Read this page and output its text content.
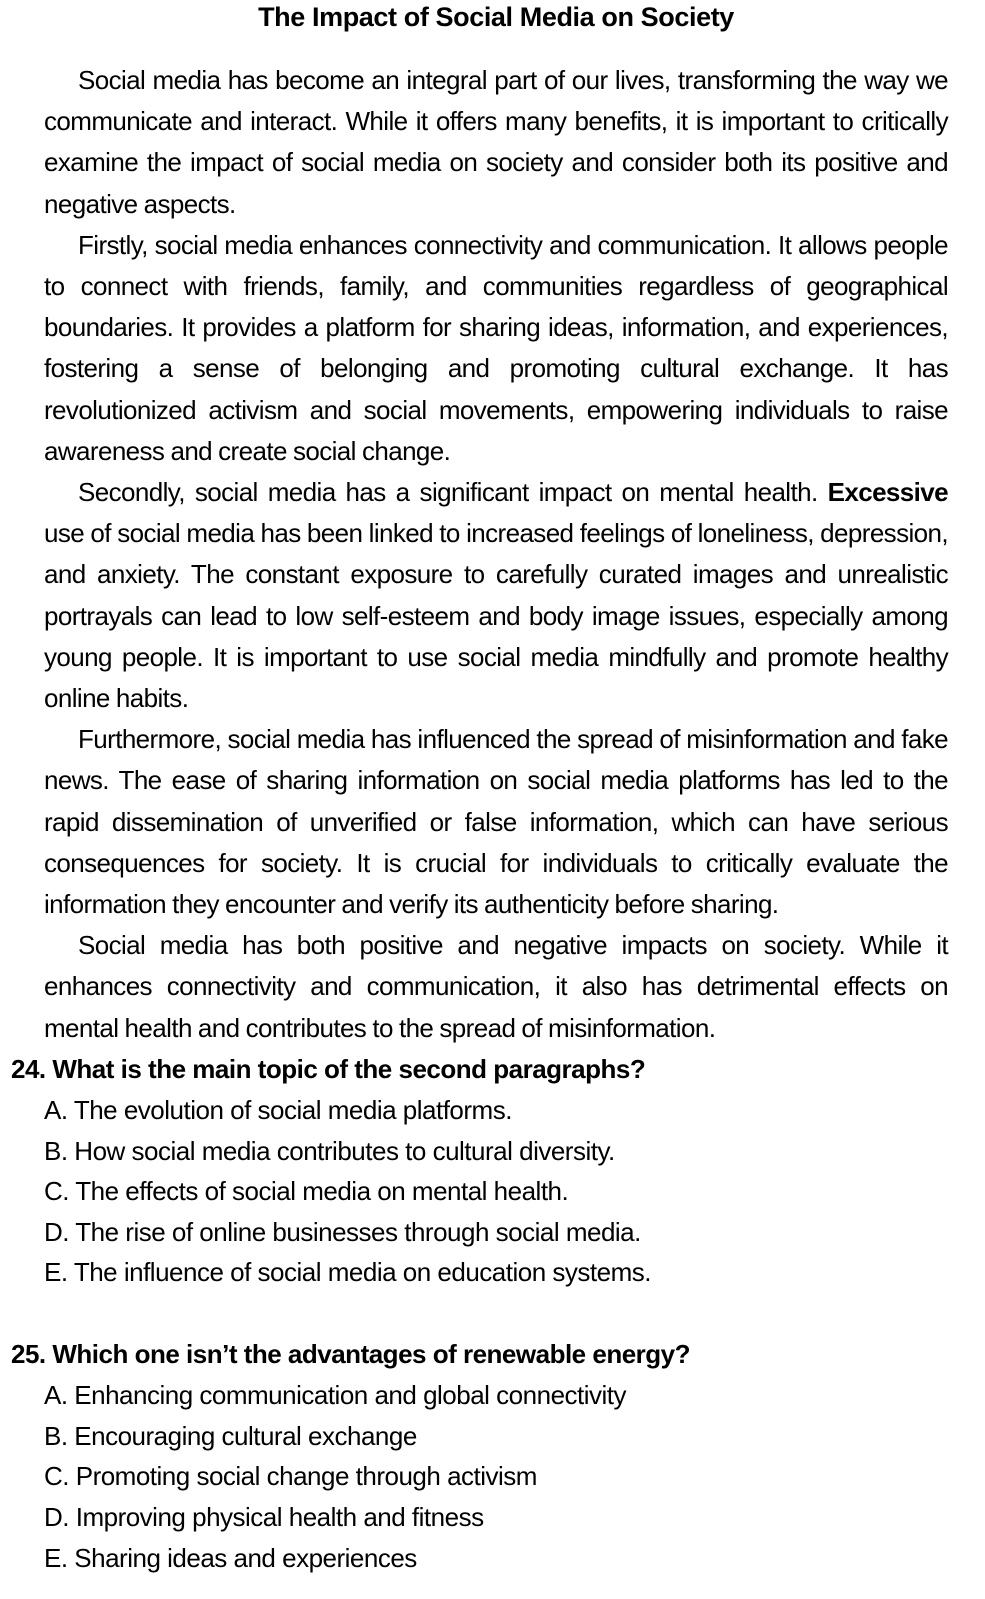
The Impact of Social Media on Society

Social media has become an integral part of our lives, transforming the way we communicate and interact. While it offers many benefits, it is important to critically examine the impact of social media on society and consider both its positive and negative aspects.

Firstly, social media enhances connectivity and communication. It allows people to connect with friends, family, and communities regardless of geographical boundaries. It provides a platform for sharing ideas, information, and experiences, fostering a sense of belonging and promoting cultural exchange. It has revolutionized activism and social movements, empowering individuals to raise awareness and create social change.

Secondly, social media has a significant impact on mental health. Excessive use of social media has been linked to increased feelings of loneliness, depression, and anxiety. The constant exposure to carefully curated images and unrealistic portrayals can lead to low self-esteem and body image issues, especially among young people. It is important to use social media mindfully and promote healthy online habits.

Furthermore, social media has influenced the spread of misinformation and fake news. The ease of sharing information on social media platforms has led to the rapid dissemination of unverified or false information, which can have serious consequences for society. It is crucial for individuals to critically evaluate the information they encounter and verify its authenticity before sharing.

Social media has both positive and negative impacts on society. While it enhances connectivity and communication, it also has detrimental effects on mental health and contributes to the spread of misinformation.

24. What is the main topic of the second paragraphs?

A. The evolution of social media platforms.
B. How social media contributes to cultural diversity.
C. The effects of social media on mental health.
D. The rise of online businesses through social media.
E. The influence of social media on education systems.

25. Which one isn’t the advantages of renewable energy?

A. Enhancing communication and global connectivity
B. Encouraging cultural exchange
C. Promoting social change through activism
D. Improving physical health and fitness
E. Sharing ideas and experiences
